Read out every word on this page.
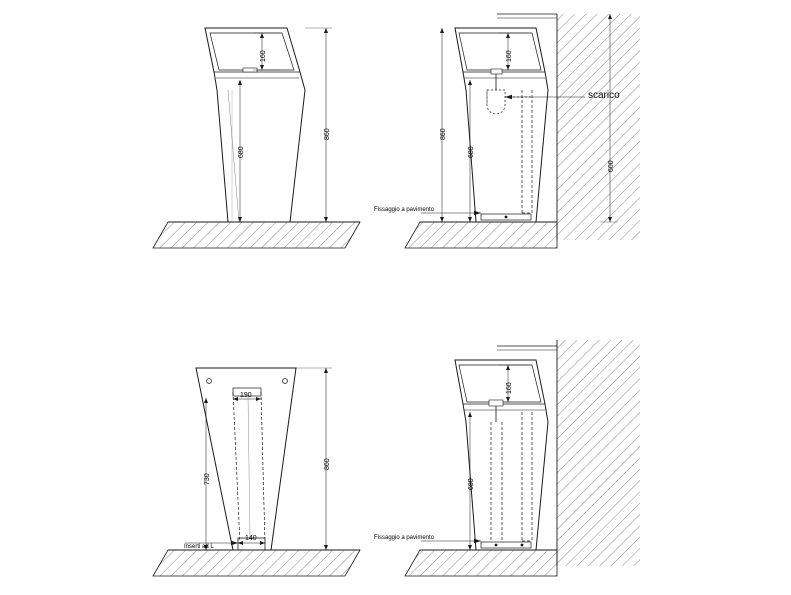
160
680
860
160
860
680
600
Fissaggio a pavimento
scarico
190
140
730
860
Inserti ad L
160
680
Fissaggio a pavimento
